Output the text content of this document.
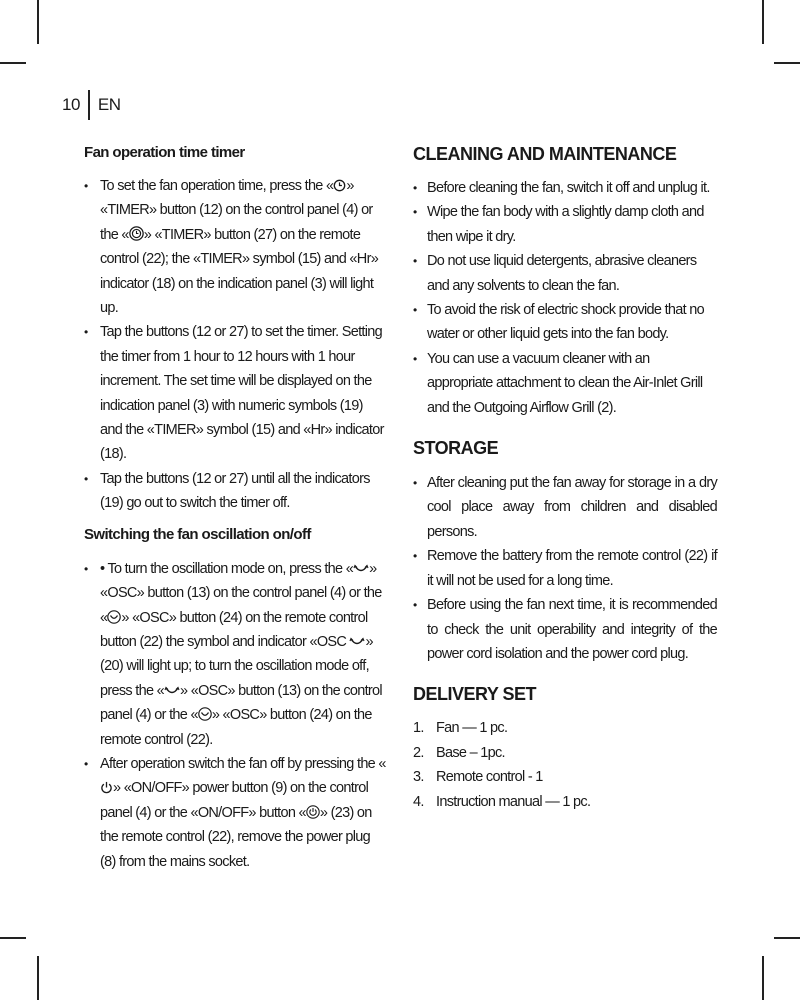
10 EN
Fan operation time timer
• To set the fan operation time, press the « » «TIMER» button (12) on the control panel (4) or the « » «TIMER» button (27) on the remote control (22); the «TIMER» symbol (15) and «Hr» indicator (18) on the indication panel (3) will light up.
• Tap the buttons (12 or 27) to set the timer. Setting the timer from 1 hour to 12 hours with 1 hour increment. The set time will be displayed on the indication panel (3) with numeric symbols (19) and the «TIMER» symbol (15) and «Hr» indicator (18).
• Tap the buttons (12 or 27) until all the indicators (19) go out to switch the timer off.
Switching the fan oscillation on/off
• • To turn the oscillation mode on, press the « » «OSC» button (13) on the control panel (4) or the « » «OSC» button (24) on the remote control button (22) the symbol and indicator «OSC » (20) will light up; to turn the oscillation mode off, press the « » «OSC» button (13) on the control panel (4) or the « » «OSC» button (24) on the remote control (22).
• After operation switch the fan off by pressing the «» «ON/OFF» power button (9) on the control panel (4) or the «ON/OFF» button « » (23) on the remote control (22), remove the power plug (8) from the mains socket.
CLEANING AND MAINTENANCE
• Before cleaning the fan, switch it off and unplug it.
• Wipe the fan body with a slightly damp cloth and then wipe it dry.
• Do not use liquid detergents, abrasive cleaners and any solvents to clean the fan.
• To avoid the risk of electric shock provide that no water or other liquid gets into the fan body.
• You can use a vacuum cleaner with an appropriate attachment to clean the Air-Inlet Grill and the Outgoing Airflow Grill (2).
STORAGE
• After cleaning put the fan away for storage in a dry cool place away from children and disabled persons.
• Remove the battery from the remote control (22) if it will not be used for a long time.
• Before using the fan next time, it is recommended to check the unit operability and integrity of the power cord isolation and the power cord plug.
DELIVERY SET
1. Fan — 1 pc.
2. Base – 1pc.
3. Remote control - 1
4. Instruction manual — 1 pc.
